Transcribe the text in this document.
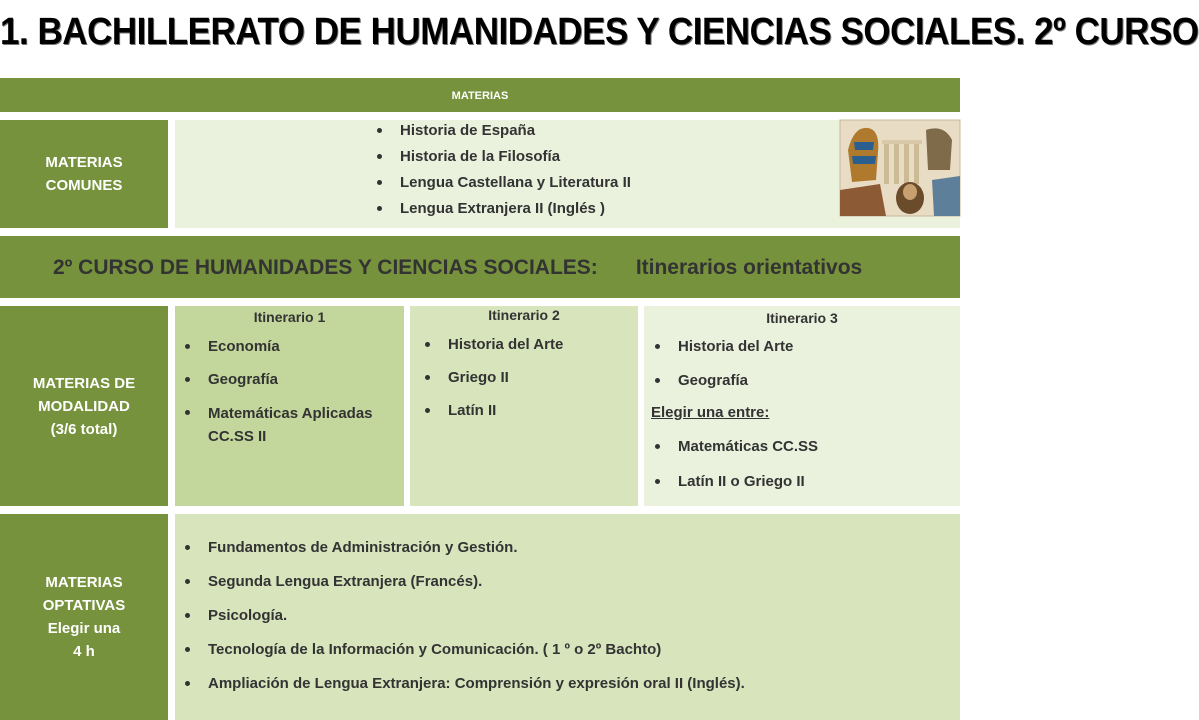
1. BACHILLERATO DE HUMANIDADES Y CIENCIAS SOCIALES. 2º CURSO
MATERIAS
MATERIAS
COMUNES
Historia de España
Historia de la Filosofía
Lengua Castellana y Literatura II
Lengua Extranjera II (Inglés )
2º CURSO DE HUMANIDADES Y CIENCIAS SOCIALES: Itinerarios orientativos
MATERIAS DE
MODALIDAD
(3/6 total)
Itinerario 1
Economía
Geografía
Matemáticas Aplicadas CC.SS II
Itinerario 2
Historia del Arte
Griego II
Latín II
Itinerario 3
Historia del Arte
Geografía
Elegir una entre:
Matemáticas CC.SS
Latín II o Griego II
MATERIAS
OPTATIVAS
Elegir una
4 h
Fundamentos de Administración y Gestión.
Segunda Lengua Extranjera (Francés).
Psicología.
Tecnología de la Información y Comunicación. ( 1 º o 2º Bachto)
Ampliación de Lengua Extranjera: Comprensión y expresión oral II (Inglés).
